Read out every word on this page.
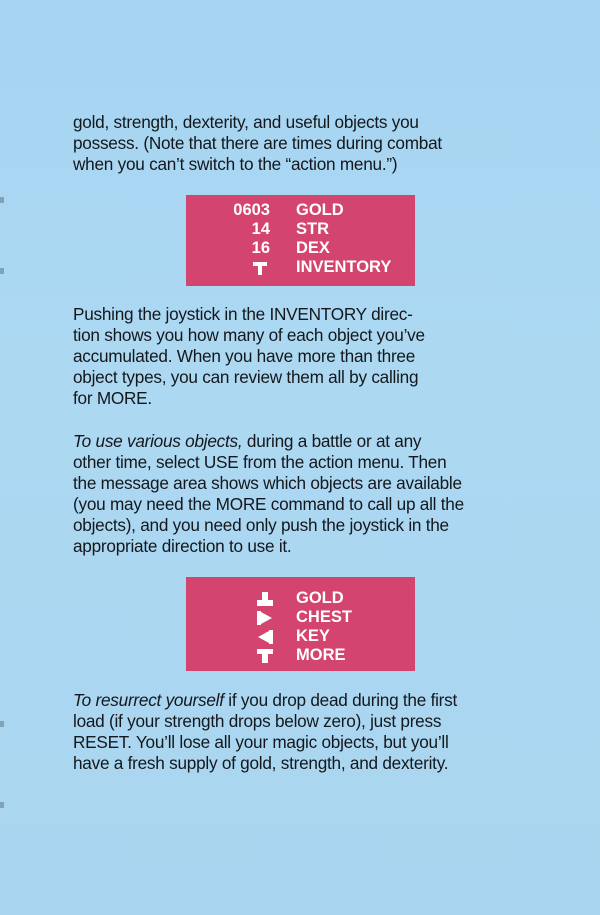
gold, strength, dexterity, and useful objects you
possess. (Note that there are times during combat
when you can’t switch to the “action menu.”)

0603 GOLD
14 STR
16 DEX
INVENTORY

Pushing the joystick in the INVENTORY direc-
tion shows you how many of each object you’ve
accumulated. When you have more than three
object types, you can review them all by calling
for MORE.

To use various objects, during a battle or at any
other time, select USE from the action menu. Then
the message area shows which objects are available
(you may need the MORE command to call up all the
objects), and you need only push the joystick in the
appropriate direction to use it.

GOLD
CHEST
KEY
MORE

To resurrect yourself if you drop dead during the first
load (if your strength drops below zero), just press
RESET. You’ll lose all your magic objects, but you’ll
have a fresh supply of gold, strength, and dexterity.
